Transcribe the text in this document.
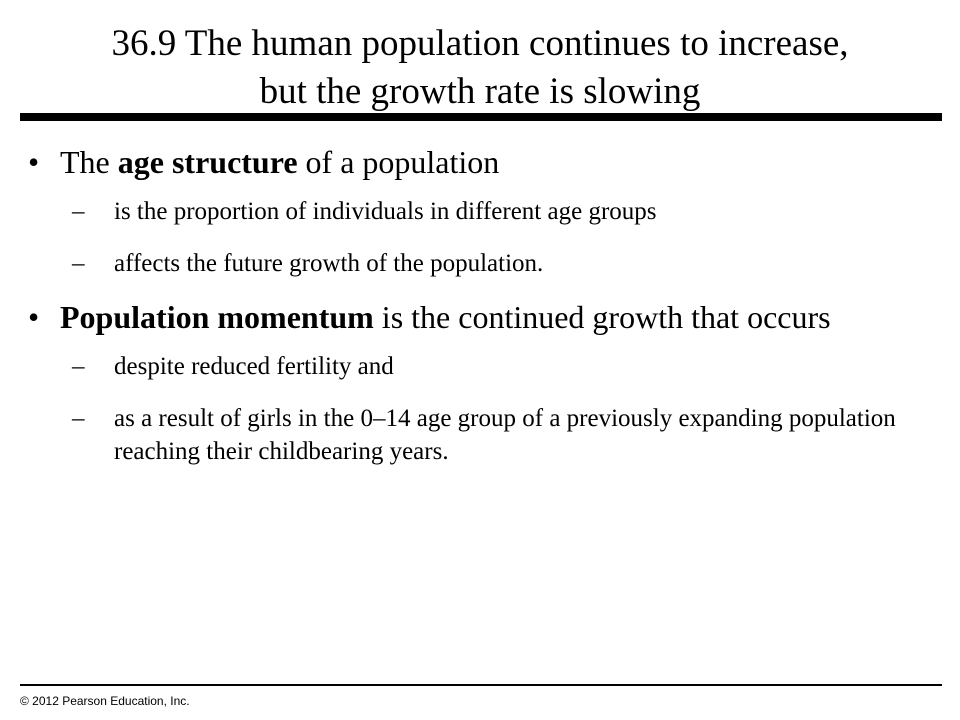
36.9 The human population continues to increase,
but the growth rate is slowing
• The age structure of a population
– is the proportion of individuals in different age groups
– affects the future growth of the population.
• Population momentum is the continued growth that occurs
– despite reduced fertility and
– as a result of girls in the 0–14 age group of a previously expanding population reaching their childbearing years.
© 2012 Pearson Education, Inc.
